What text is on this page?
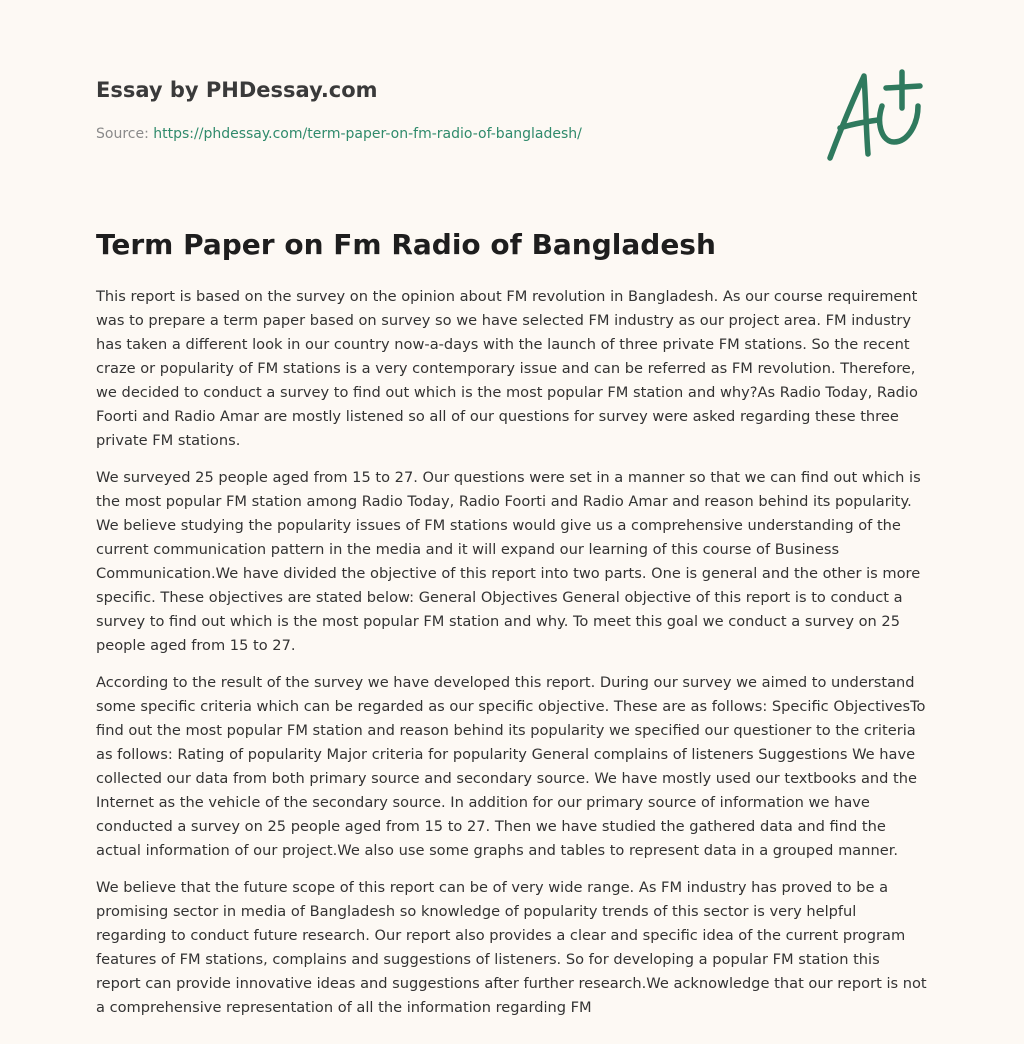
Essay by PHDessay.com
Source: https://phdessay.com/term-paper-on-fm-radio-of-bangladesh/
Term Paper on Fm Radio of Bangladesh

This report is based on the survey on the opinion about FM revolution in Bangladesh. As our course requirement was to prepare a term paper based on survey so we have selected FM industry as our project area. FM industry has taken a different look in our country now-a-days with the launch of three private FM stations. So the recent craze or popularity of FM stations is a very contemporary issue and can be referred as FM revolution. Therefore, we decided to conduct a survey to find out which is the most popular FM station and why?As Radio Today, Radio Foorti and Radio Amar are mostly listened so all of our questions for survey were asked regarding these three private FM stations.

We surveyed 25 people aged from 15 to 27. Our questions were set in a manner so that we can find out which is the most popular FM station among Radio Today, Radio Foorti and Radio Amar and reason behind its popularity. We believe studying the popularity issues of FM stations would give us a comprehensive understanding of the current communication pattern in the media and it will expand our learning of this course of Business Communication.We have divided the objective of this report into two parts. One is general and the other is more specific. These objectives are stated below: General Objectives General objective of this report is to conduct a survey to find out which is the most popular FM station and why. To meet this goal we conduct a survey on 25 people aged from 15 to 27.

According to the result of the survey we have developed this report. During our survey we aimed to understand some specific criteria which can be regarded as our specific objective. These are as follows: Specific ObjectivesTo find out the most popular FM station and reason behind its popularity we specified our questioner to the criteria as follows: Rating of popularity Major criteria for popularity General complains of listeners Suggestions We have collected our data from both primary source and secondary source. We have mostly used our textbooks and the Internet as the vehicle of the secondary source. In addition for our primary source of information we have conducted a survey on 25 people aged from 15 to 27. Then we have studied the gathered data and find the actual information of our project.We also use some graphs and tables to represent data in a grouped manner.

We believe that the future scope of this report can be of very wide range. As FM industry has proved to be a promising sector in media of Bangladesh so knowledge of popularity trends of this sector is very helpful regarding to conduct future research. Our report also provides a clear and specific idea of the current program features of FM stations, complains and suggestions of listeners. So for developing a popular FM station this report can provide innovative ideas and suggestions after further research.We acknowledge that our report is not a comprehensive representation of all the information regarding FM
